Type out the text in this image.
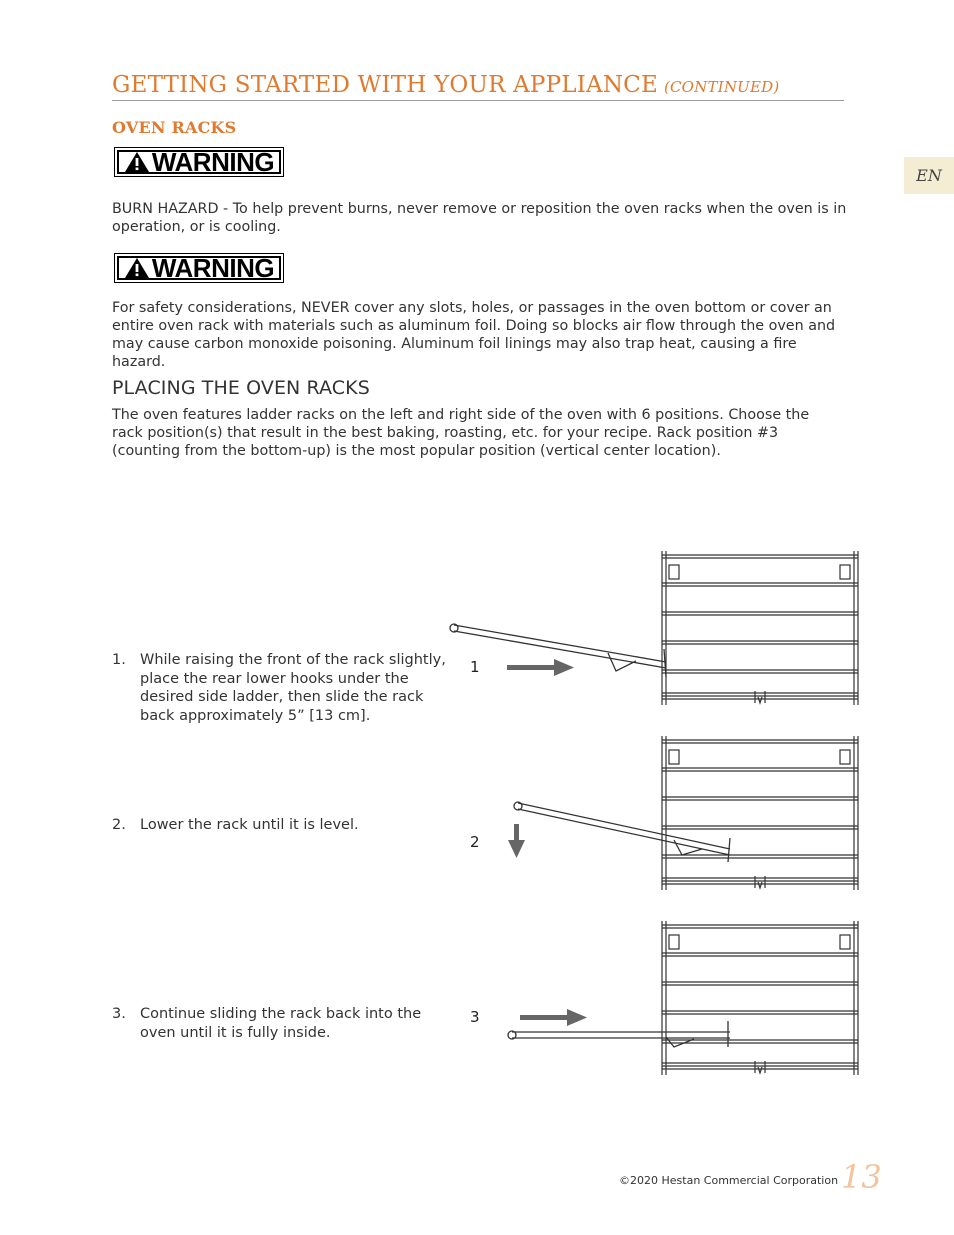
GETTING STARTED WITH YOUR APPLIANCE (CONTINUED)
OVEN RACKS
EN
WARNING
BURN HAZARD - To help prevent burns, never remove or reposition the oven racks when the oven is in operation, or is cooling.
WARNING
For safety considerations, NEVER cover any slots, holes, or passages in the oven bottom or cover an entire oven rack with materials such as aluminum foil. Doing so blocks air flow through the oven and may cause carbon monoxide poisoning. Aluminum foil linings may also trap heat, causing a fire hazard.
PLACING THE OVEN RACKS
The oven features ladder racks on the left and right side of the oven with 6 positions. Choose the rack position(s) that result in the best baking, roasting, etc. for your recipe. Rack position #3 (counting from the bottom-up) is the most popular position (vertical center location).
1. While raising the front of the rack slightly, place the rear lower hooks under the desired side ladder, then slide the rack back approximately 5” [13 cm].
2. Lower the rack until it is level.
3. Continue sliding the rack back into the oven until it is fully inside.
1
2
3
©2020 Hestan Commercial Corporation 13
